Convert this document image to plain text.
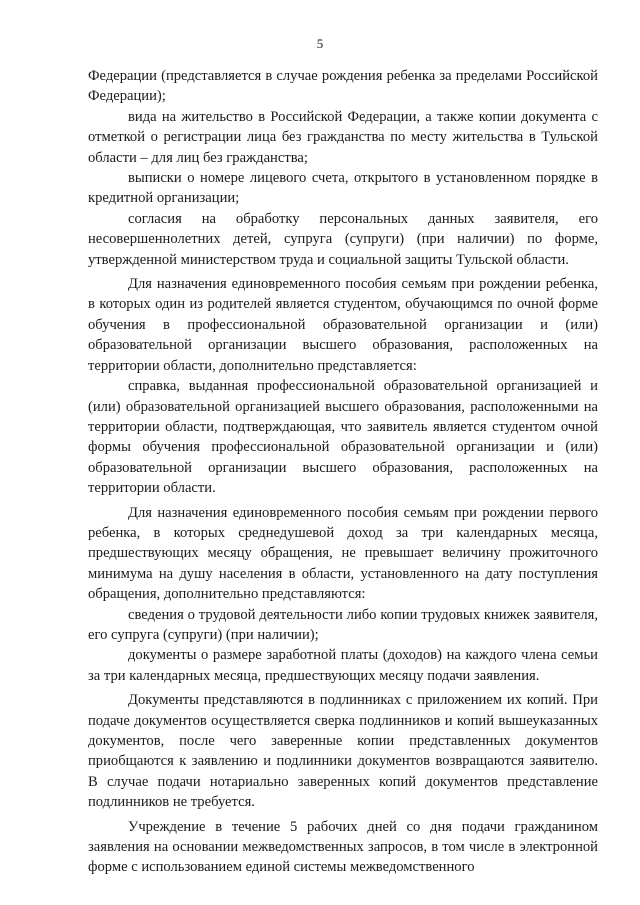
5

Федерации (представляется в случае рождения ребенка за пределами Российской Федерации);

вида на жительство в Российской Федерации, а также копии документа с отметкой о регистрации лица без гражданства по месту жительства в Тульской области – для лиц без гражданства;

выписки о номере лицевого счета, открытого в установленном порядке в кредитной организации;

согласия на обработку персональных данных заявителя, его несовершеннолетних детей, супруга (супруги) (при наличии) по форме, утвержденной министерством труда и социальной защиты Тульской области.

Для назначения единовременного пособия семьям при рождении ребенка, в которых один из родителей является студентом, обучающимся по очной форме обучения в профессиональной образовательной организации и (или) образовательной организации высшего образования, расположенных на территории области, дополнительно представляется:

справка, выданная профессиональной образовательной организацией и (или) образовательной организацией высшего образования, расположенными на территории области, подтверждающая, что заявитель является студентом очной формы обучения профессиональной образовательной организации и (или) образовательной организации высшего образования, расположенных на территории области.

Для назначения единовременного пособия семьям при рождении первого ребенка, в которых среднедушевой доход за три календарных месяца, предшествующих месяцу обращения, не превышает величину прожиточного минимума на душу населения в области, установленного на дату поступления обращения, дополнительно представляются:

сведения о трудовой деятельности либо копии трудовых книжек заявителя, его супруга (супруги) (при наличии);

документы о размере заработной платы (доходов) на каждого члена семьи за три календарных месяца, предшествующих месяцу подачи заявления.

Документы представляются в подлинниках с приложением их копий. При подаче документов осуществляется сверка подлинников и копий вышеуказанных документов, после чего заверенные копии представленных документов приобщаются к заявлению и подлинники документов возвращаются заявителю. В случае подачи нотариально заверенных копий документов представление подлинников не требуется.

Учреждение в течение 5 рабочих дней со дня подачи гражданином заявления на основании межведомственных запросов, в том числе в электронной форме с использованием единой системы межведомственного
